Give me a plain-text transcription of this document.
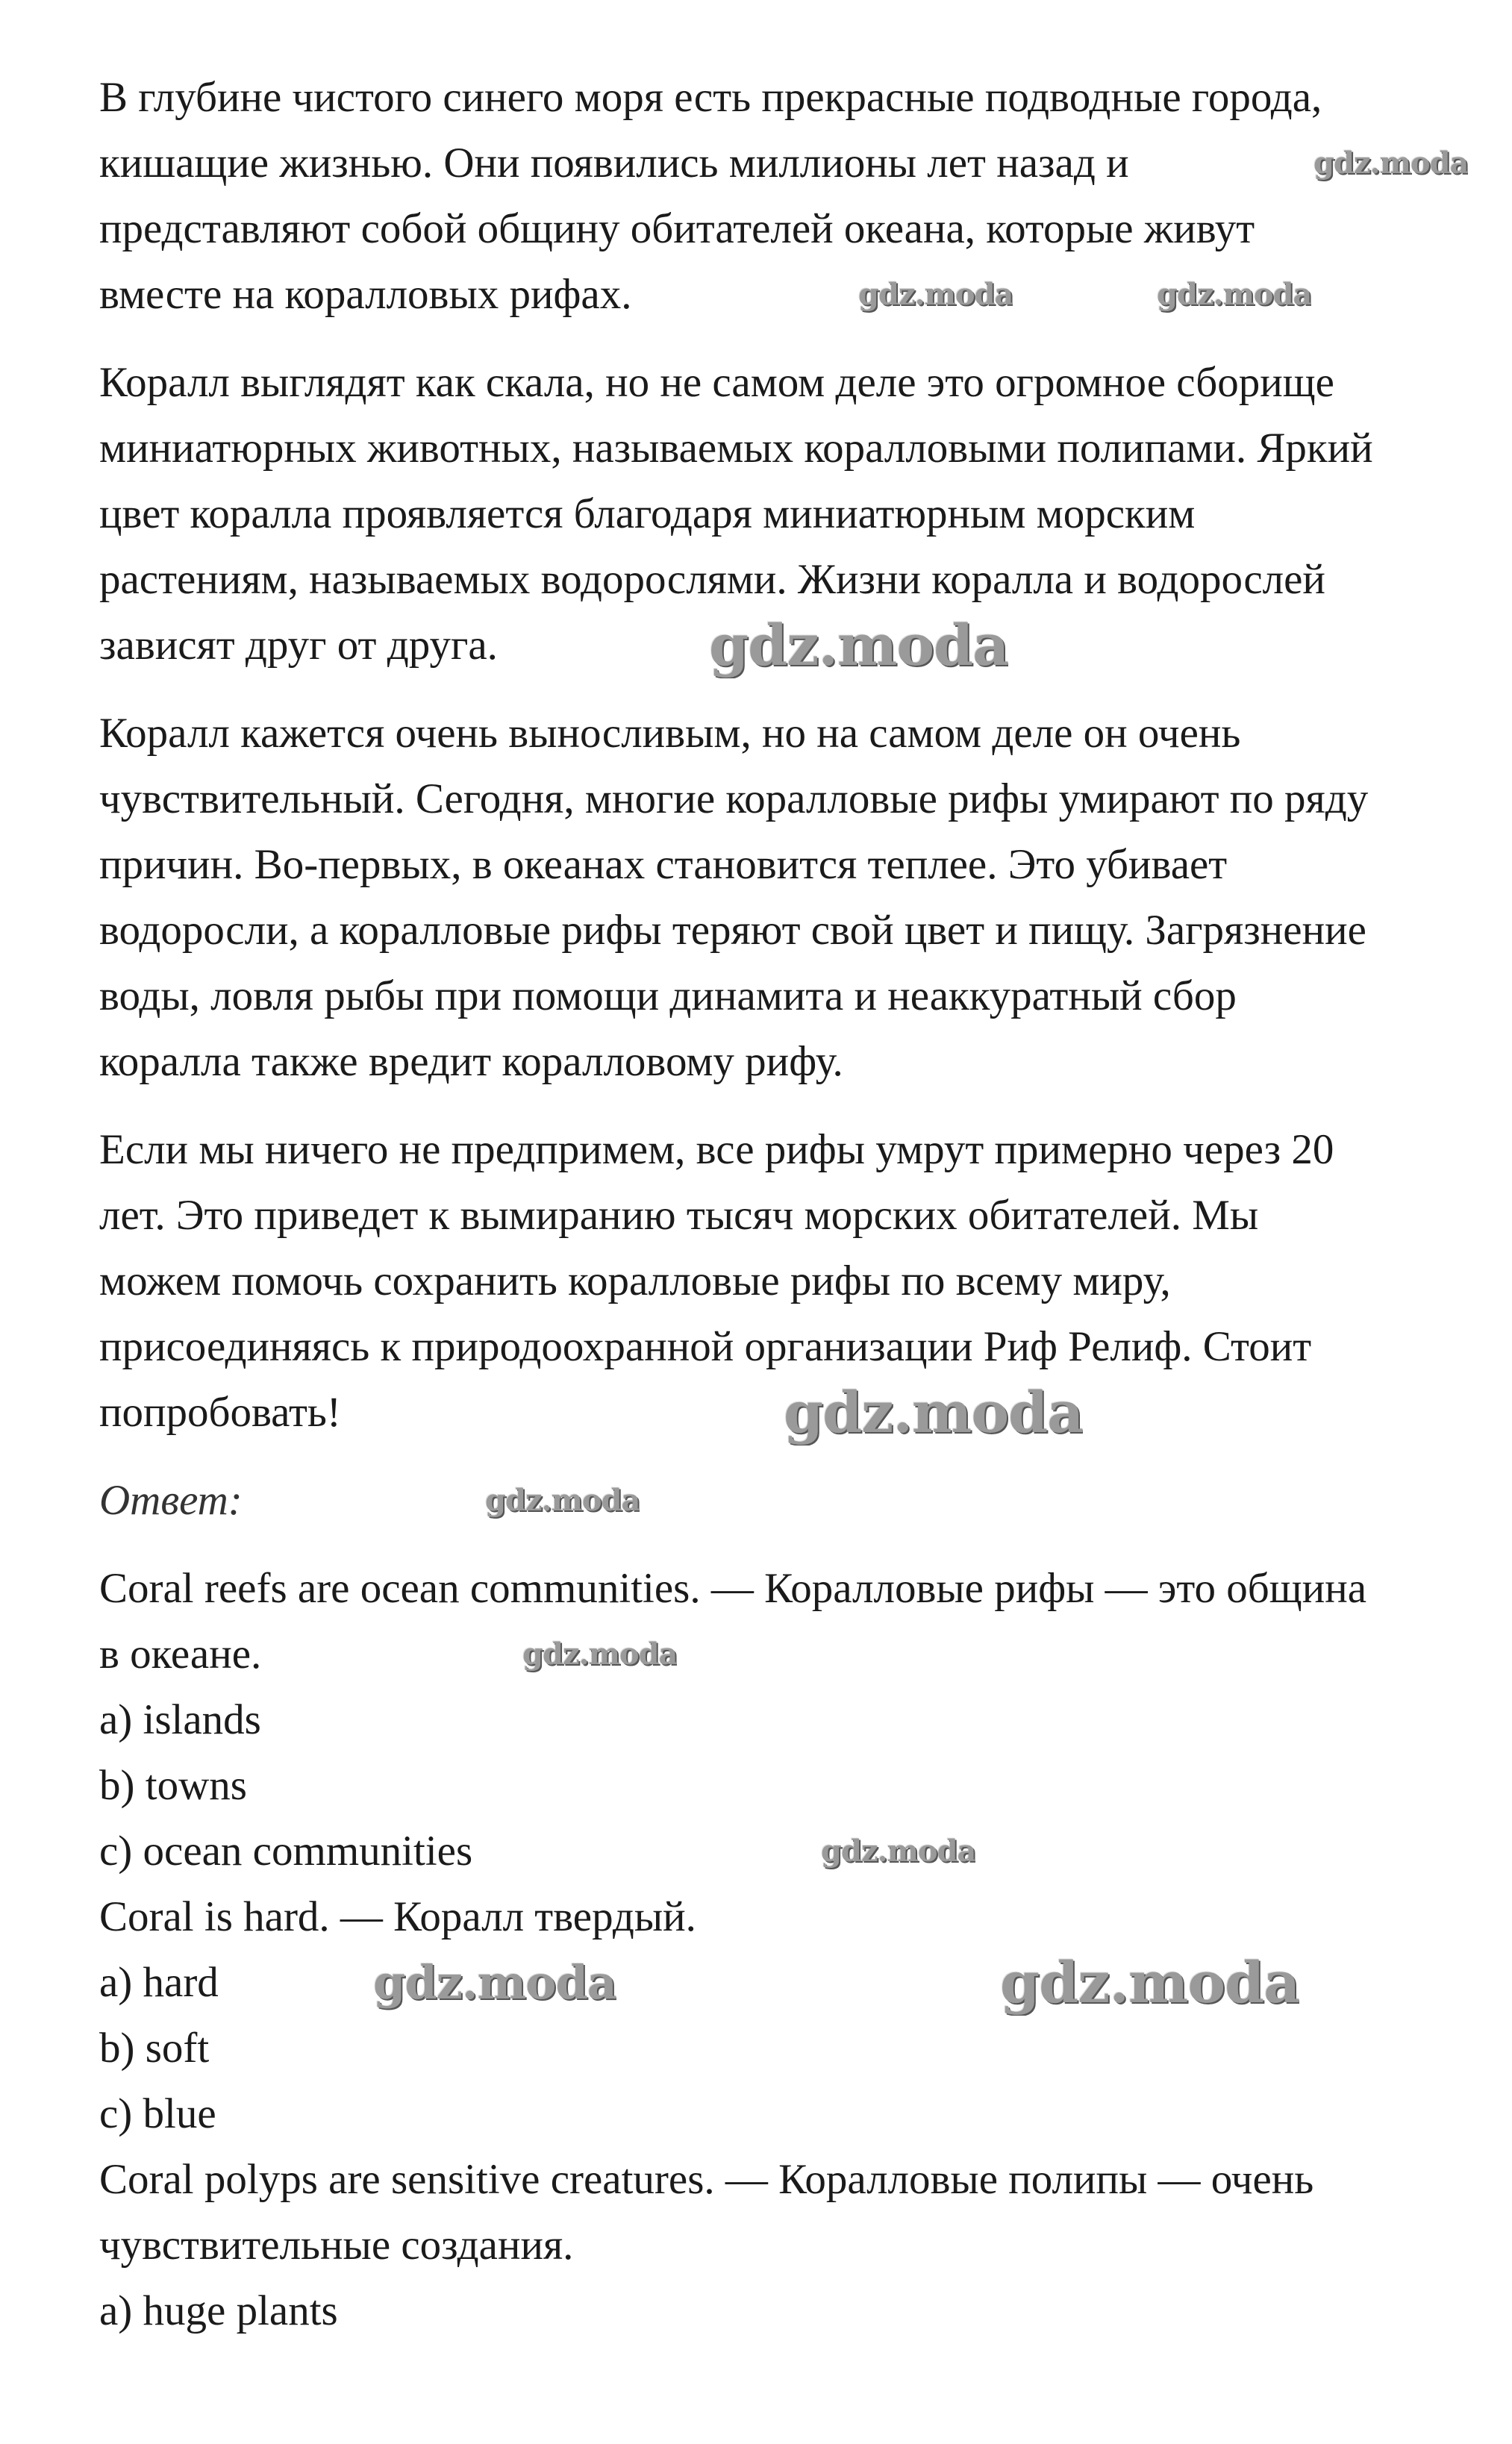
В глубине чистого синего моря есть прекрасные подводные города,
кишащие жизнью. Они появились миллионы лет назад и
представляют собой общину обитателей океана, которые живут
вместе на коралловых рифах.
Коралл выглядят как скала, но не самом деле это огромное сборище
миниатюрных животных, называемых коралловыми полипами. Яркий
цвет коралла проявляется благодаря миниатюрным морским
растениям, называемых водорослями. Жизни коралла и водорослей
зависят друг от друга.
Коралл кажется очень выносливым, но на самом деле он очень
чувствительный. Сегодня, многие коралловые рифы умирают по ряду
причин. Во-первых, в океанах становится теплее. Это убивает
водоросли, а коралловые рифы теряют свой цвет и пищу. Загрязнение
воды, ловля рыбы при помощи динамита и неаккуратный сбор
коралла также вредит коралловому рифу.
Если мы ничего не предпримем, все рифы умрут примерно через 20
лет. Это приведет к вымиранию тысяч морских обитателей. Мы
можем помочь сохранить коралловые рифы по всему миру,
присоединяясь к природоохранной организации Риф Релиф. Стоит
попробовать!
Ответ:
Coral reefs are ocean communities. — Коралловые рифы — это община
в океане.
a) islands
b) towns
c) ocean communities
Coral is hard. — Коралл твердый.
a) hard
b) soft
c) blue
Coral polyps are sensitive creatures. — Коралловые полипы — очень
чувствительные создания.
a) huge plants
gdz.moda
gdz.moda	gdz.moda
gdz.moda
gdz.moda
gdz.moda
gdz.moda
gdz.moda
gdz.moda	gdz.moda
